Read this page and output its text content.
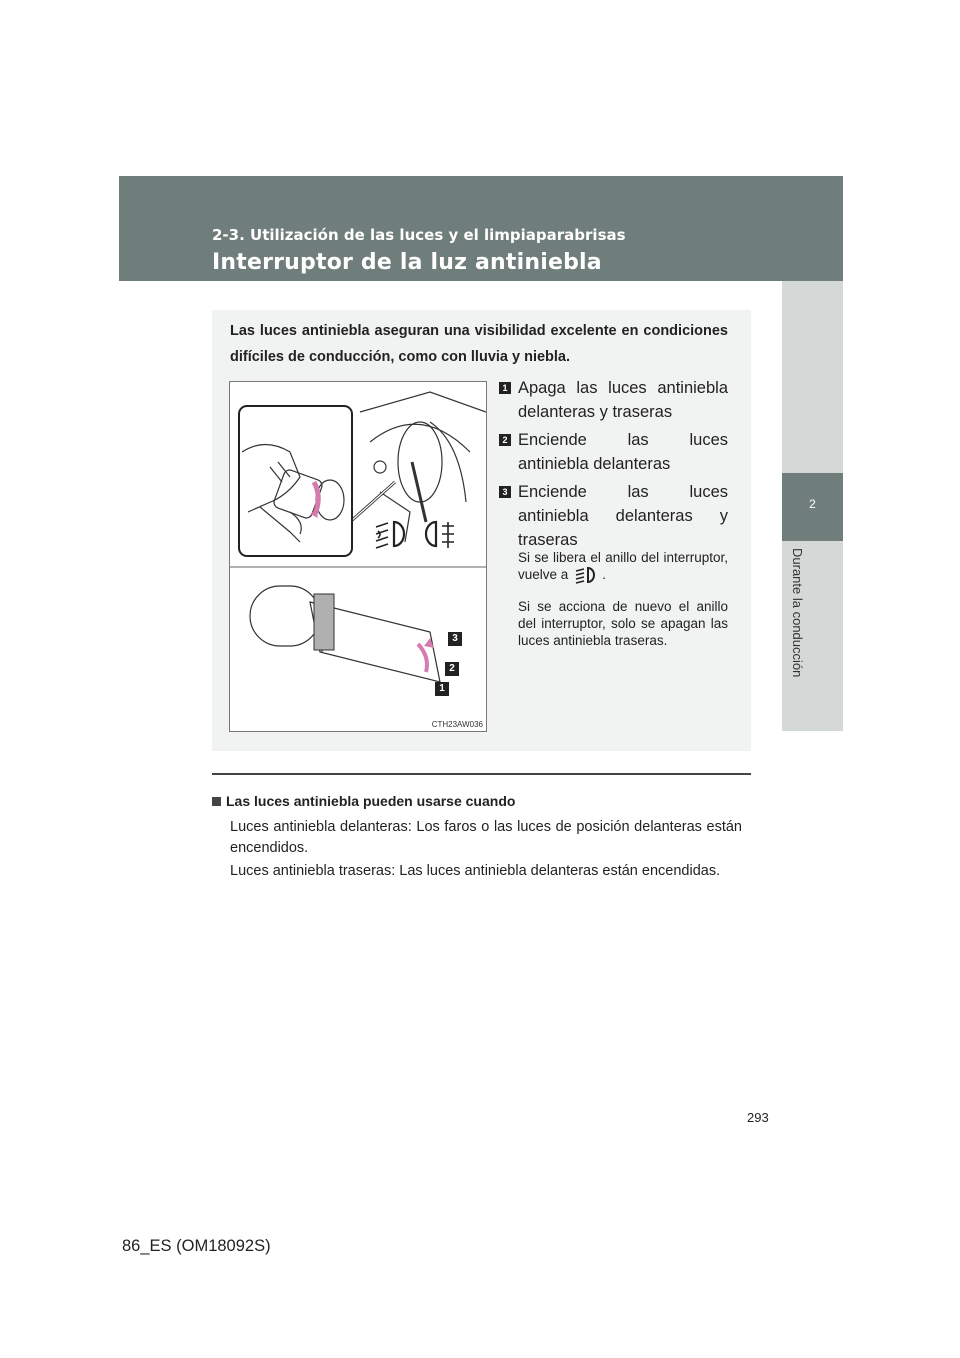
2-3. Utilización de las luces y el limpiaparabrisas
Interruptor de la luz antiniebla
2
Durante la conducción
Las luces antiniebla aseguran una visibilidad excelente en condiciones difíciles de conducción, como con lluvia y niebla.
3
2
1
CTH23AW036
1 Apaga las luces antiniebla delanteras y traseras
2 Enciende las luces antiniebla delanteras
3 Enciende las luces antiniebla delanteras y traseras
Si se libera el anillo del interruptor, vuelve a	.
Si se acciona de nuevo el anillo del interruptor, solo se apagan las luces antiniebla traseras.
Las luces antiniebla pueden usarse cuando
Luces antiniebla delanteras: Los faros o las luces de posición delanteras están encendidos.
Luces antiniebla traseras: Las luces antiniebla delanteras están encendidas.
293
86_ES (OM18092S)
